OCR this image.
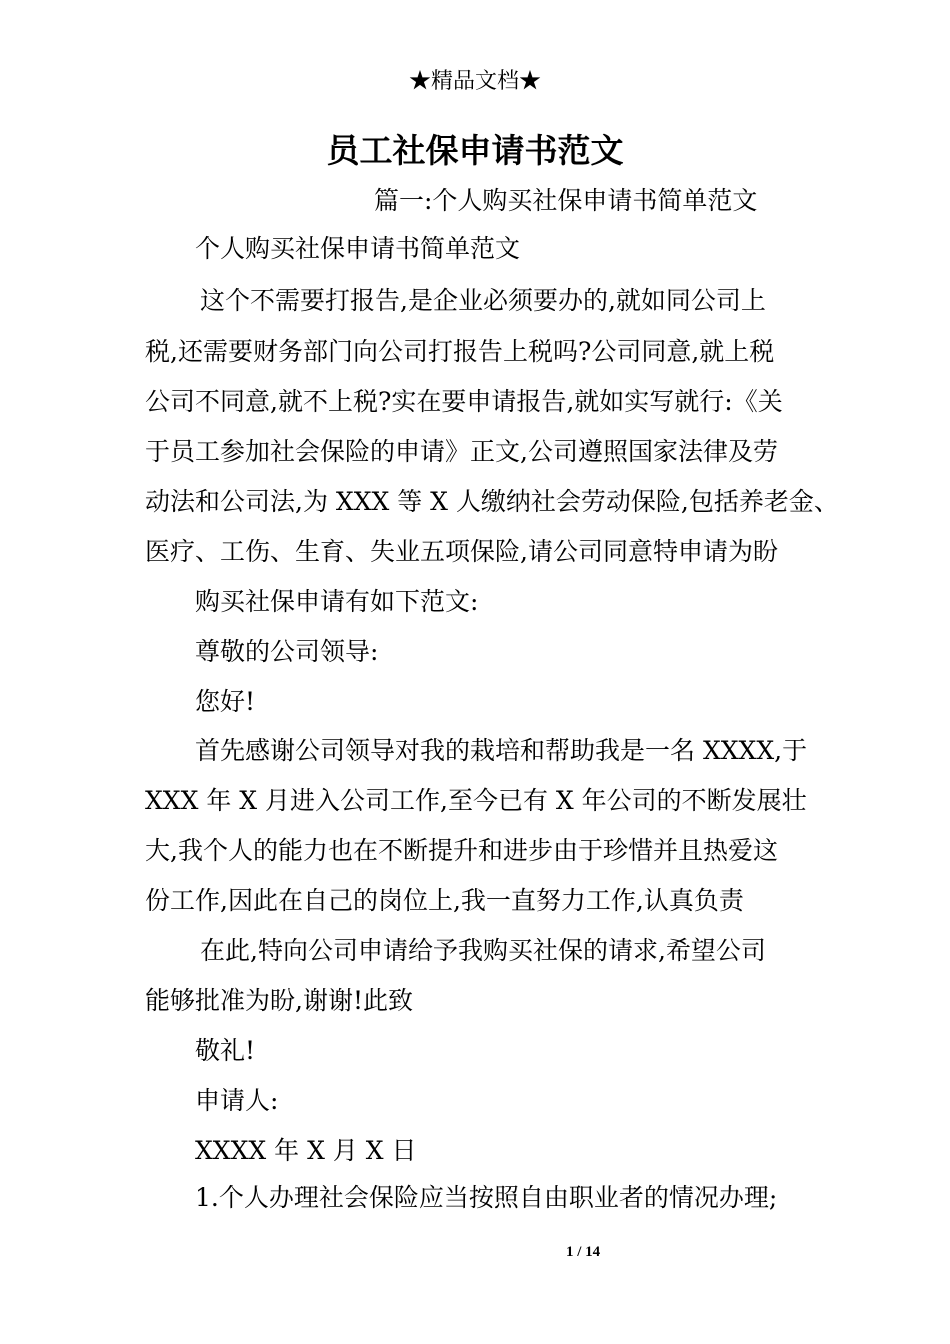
★精品文档★
员工社保申请书范文
篇一:个人购买社保申请书简单范文

个人购买社保申请书简单范文

这个不需要打报告,是企业必须要办的,就如同公司上

税,还需要财务部门向公司打报告上税吗?公司同意,就上税

公司不同意,就不上税?实在要申请报告,就如实写就行:《关

于员工参加社会保险的申请》正文,公司遵照国家法律及劳

动法和公司法,为 XXX 等 X 人缴纳社会劳动保险,包括养老金、

医疗、工伤、生育、失业五项保险,请公司同意特申请为盼

购买社保申请有如下范文:

尊敬的公司领导:

您好!

首先感谢公司领导对我的栽培和帮助我是一名 XXXX,于

XXX 年 X 月进入公司工作,至今已有 X 年公司的不断发展壮

大,我个人的能力也在不断提升和进步由于珍惜并且热爱这

份工作,因此在自己的岗位上,我一直努力工作,认真负责

在此,特向公司申请给予我购买社保的请求,希望公司

能够批准为盼,谢谢!此致

敬礼!

申请人:

XXXX 年 X 月 X 日

1.个人办理社会保险应当按照自由职业者的情况办理;

1 / 14
